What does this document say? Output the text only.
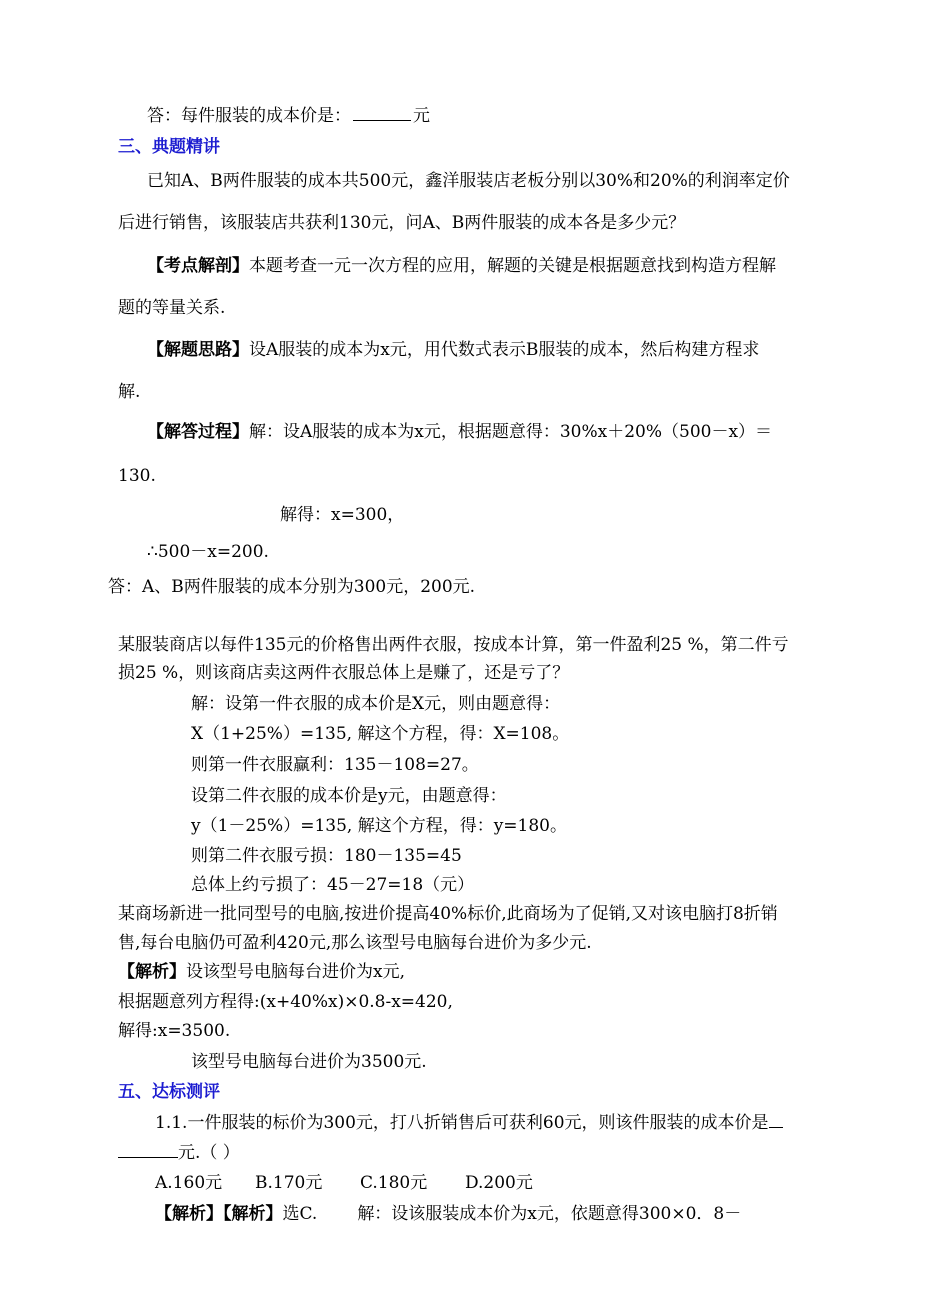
答：每件服装的成本价是：	元
三、典题精讲
已知A、B两件服装的成本共500元，鑫洋服装店老板分别以30%和20%的利润率定价
后进行销售，该服装店共获利130元，问A、B两件服装的成本各是多少元？
【考点解剖】本题考查一元一次方程的应用，解题的关键是根据题意找到构造方程解
题的等量关系.
【解题思路】设A服装的成本为x元，用代数式表示B服装的成本，然后构建方程求
解.
【解答过程】解：设A服装的成本为x元，根据题意得：30%x＋20%（500－x）＝
130.
解得：x=300，
∴500－x=200.
答：A、B两件服装的成本分别为300元，200元.
某服装商店以每件135元的价格售出两件衣服，按成本计算，第一件盈利25 %，第二件亏
损25 %，则该商店卖这两件衣服总体上是赚了，还是亏了？
解：设第一件衣服的成本价是X元，则由题意得：
X（1+25%）=135, 解这个方程，得：X=108。
则第一件衣服赢利：135－108=27。
设第二件衣服的成本价是y元，由题意得：
y（1－25%）=135, 解这个方程，得：y=180。
则第二件衣服亏损：180－135=45
总体上约亏损了：45－27=18（元）
某商场新进一批同型号的电脑,按进价提高40%标价,此商场为了促销,又对该电脑打8折销
售,每台电脑仍可盈利420元,那么该型号电脑每台进价为多少元.
【解析】设该型号电脑每台进价为x元,
根据题意列方程得:(x+40%x)×0.8-x=420,
解得:x=3500.
该型号电脑每台进价为3500元.
五、达标测评
1.1.一件服装的标价为300元，打八折销售后可获利60元，则该件服装的成本价是
元.（ ）
A.160元 B.170元 C.180元 D.200元
【解析】【解析】选C. 解：设该服装成本价为x元，依题意得300×0．8－
